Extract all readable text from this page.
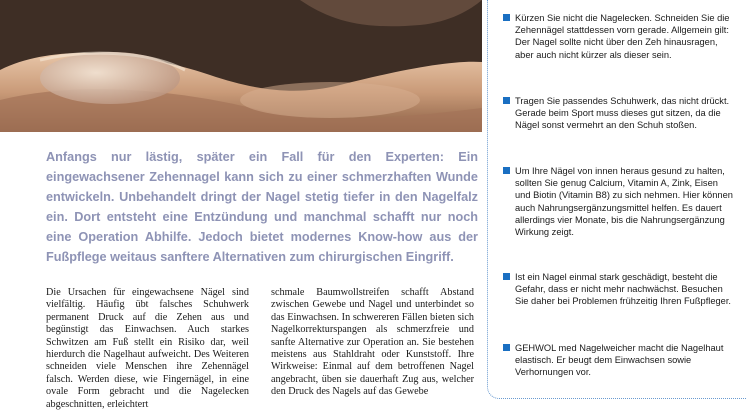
Anfangs nur lästig, später ein Fall für den Experten: Ein eingewachsener Zehennagel kann sich zu einer schmerzhaften Wunde entwickeln. Unbehandelt dringt der Nagel stetig tiefer in den Nagelfalz ein. Dort entsteht eine Entzündung und manchmal schafft nur noch eine Operation Abhilfe. Jedoch bietet modernes Know-how aus der Fußpflege weitaus sanftere Alternativen zum chirurgischen Eingriff.

Die Ursachen für eingewachsene Nägel sind vielfältig. Häufig übt falsches Schuhwerk permanent Druck auf die Zehen aus und begünstigt das Einwachsen. Auch starkes Schwitzen am Fuß stellt ein Risiko dar, weil hierdurch die Nagelhaut aufweicht. Des Weiteren schneiden viele Menschen ihre Zehennägel falsch. Werden diese, wie Fingernägel, in eine ovale Form gebracht und die Nagelecken abgeschnitten, erleichtert

schmale Baumwollstreifen schafft Abstand zwischen Gewebe und Nagel und unterbindet so das Einwachsen. In schwereren Fällen bieten sich Nagelkorrekturspangen als schmerzfreie und sanfte Alternative zur Operation an. Sie bestehen meistens aus Stahldraht oder Kunststoff. Ihre Wirkweise: Einmal auf dem betroffenen Nagel angebracht, üben sie dauerhaft Zug aus, welcher den Druck des Nagels auf das Gewebe

Kürzen Sie nicht die Nagelecken. Schneiden Sie die Zehennägel stattdessen vorn gerade. Allgemein gilt: Der Nagel sollte nicht über den Zeh hinausragen, aber auch nicht kürzer als dieser sein.
Tragen Sie passendes Schuhwerk, das nicht drückt. Gerade beim Sport muss dieses gut sitzen, da die Nägel sonst vermehrt an den Schuh stoßen.
Um Ihre Nägel von innen heraus gesund zu halten, sollten Sie genug Calcium, Vitamin A, Zink, Eisen und Biotin (Vitamin B8) zu sich nehmen. Hier können auch Nahrungsergänzungsmittel helfen. Es dauert allerdings vier Monate, bis die Nahrungsergänzung Wirkung zeigt.
Ist ein Nagel einmal stark geschädigt, besteht die Gefahr, dass er nicht mehr nachwächst. Besuchen Sie daher bei Problemen frühzeitig Ihren Fußpfleger.
GEHWOL med Nagelweicher macht die Nagelhaut elastisch. Er beugt dem Einwachsen sowie Verhornungen vor.
